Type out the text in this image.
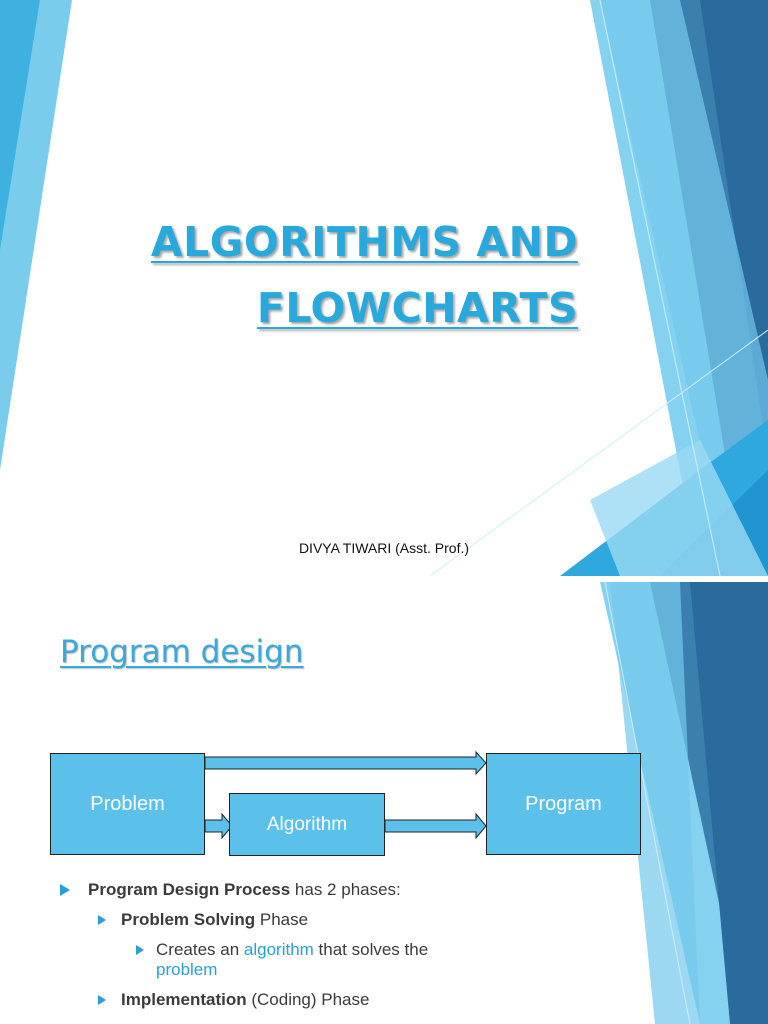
ALGORITHMS AND
FLOWCHARTS
DIVYA TIWARI (Asst. Prof.)
Program design
Problem
Algorithm
Program
Program Design Process has 2 phases:
Problem Solving Phase
Creates an algorithm that solves the
problem
Implementation (Coding) Phase
